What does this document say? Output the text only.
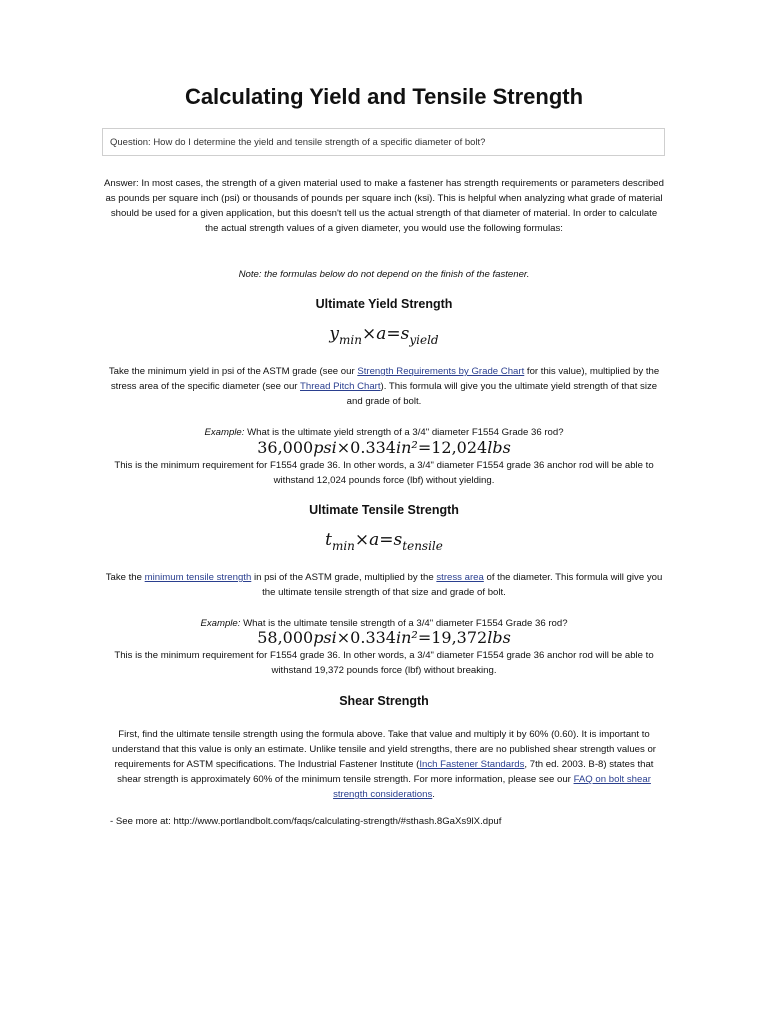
Calculating Yield and Tensile Strength
Question: How do I determine the yield and tensile strength of a specific diameter of bolt?
Answer: In most cases, the strength of a given material used to make a fastener has strength requirements or parameters described as pounds per square inch (psi) or thousands of pounds per square inch (ksi). This is helpful when analyzing what grade of material should be used for a given application, but this doesn't tell us the actual strength of that diameter of material. In order to calculate the actual strength values of a given diameter, you would use the following formulas:
Note: the formulas below do not depend on the finish of the fastener.
Ultimate Yield Strength
$y_{min}\times a=s_{yield}$
Take the minimum yield in psi of the ASTM grade (see our Strength Requirements by Grade Chart for this value), multiplied by the stress area of the specific diameter (see our Thread Pitch Chart). This formula will give you the ultimate yield strength of that size and grade of bolt.
Example: What is the ultimate yield strength of a 3/4" diameter F1554 Grade 36 rod?
36,000psi×0.334in²=12,024lbs
This is the minimum requirement for F1554 grade 36. In other words, a 3/4" diameter F1554 grade 36 anchor rod will be able to withstand 12,024 pounds force (lbf) without yielding.
Ultimate Tensile Strength
$t_{min}\times a=s_{tensile}$
Take the minimum tensile strength in psi of the ASTM grade, multiplied by the stress area of the diameter. This formula will give you the ultimate tensile strength of that size and grade of bolt.
Example: What is the ultimate tensile strength of a 3/4" diameter F1554 Grade 36 rod?
58,000psi×0.334in²=19,372lbs
This is the minimum requirement for F1554 grade 36. In other words, a 3/4" diameter F1554 grade 36 anchor rod will be able to withstand 19,372 pounds force (lbf) without breaking.
Shear Strength
First, find the ultimate tensile strength using the formula above. Take that value and multiply it by 60% (0.60). It is important to understand that this value is only an estimate. Unlike tensile and yield strengths, there are no published shear strength values or requirements for ASTM specifications. The Industrial Fastener Institute (Inch Fastener Standards, 7th ed. 2003. B-8) states that shear strength is approximately 60% of the minimum tensile strength. For more information, please see our FAQ on bolt shear strength considerations.
- See more at: http://www.portlandbolt.com/faqs/calculating-strength/#sthash.8GaXs9lX.dpuf
